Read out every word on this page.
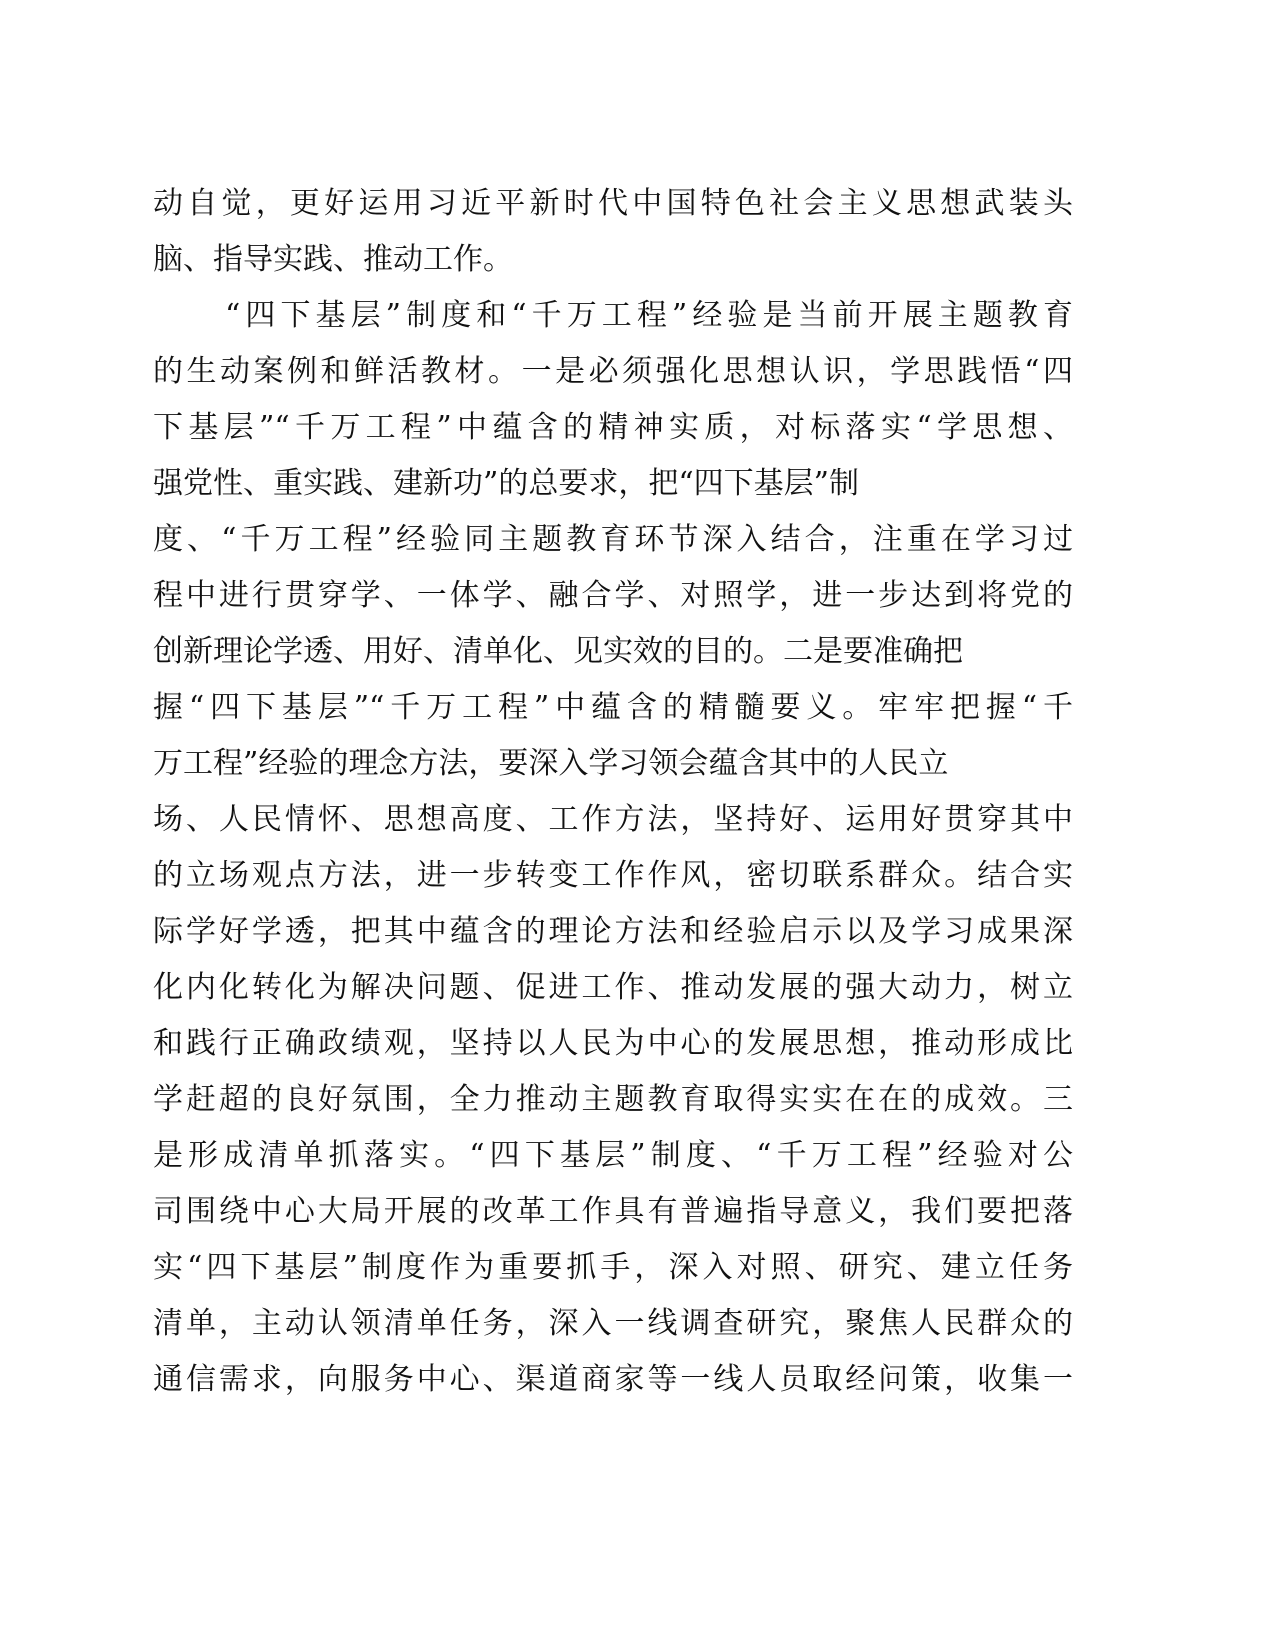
动自觉，更好运用习近平新时代中国特色社会主义思想武装头
脑、指导实践、推动工作。
“四下基层”制度和“千万工程”经验是当前开展主题教育
的生动案例和鲜活教材。一是必须强化思想认识，学思践悟“四
下基层”“千万工程”中蕴含的精神实质，对标落实“学思想、
强党性、重实践、建新功”的总要求，把“四下基层”制
度、“千万工程”经验同主题教育环节深入结合，注重在学习过
程中进行贯穿学、一体学、融合学、对照学，进一步达到将党的
创新理论学透、用好、清单化、见实效的目的。二是要准确把
握“四下基层”“千万工程”中蕴含的精髓要义。牢牢把握“千
万工程”经验的理念方法，要深入学习领会蕴含其中的人民立
场、人民情怀、思想高度、工作方法，坚持好、运用好贯穿其中
的立场观点方法，进一步转变工作作风，密切联系群众。结合实
际学好学透，把其中蕴含的理论方法和经验启示以及学习成果深
化内化转化为解决问题、促进工作、推动发展的强大动力，树立
和践行正确政绩观，坚持以人民为中心的发展思想，推动形成比
学赶超的良好氛围，全力推动主题教育取得实实在在的成效。三
是形成清单抓落实。“四下基层”制度、“千万工程”经验对公
司围绕中心大局开展的改革工作具有普遍指导意义，我们要把落
实“四下基层”制度作为重要抓手，深入对照、研究、建立任务
清单，主动认领清单任务，深入一线调查研究，聚焦人民群众的
通信需求，向服务中心、渠道商家等一线人员取经问策，收集一
